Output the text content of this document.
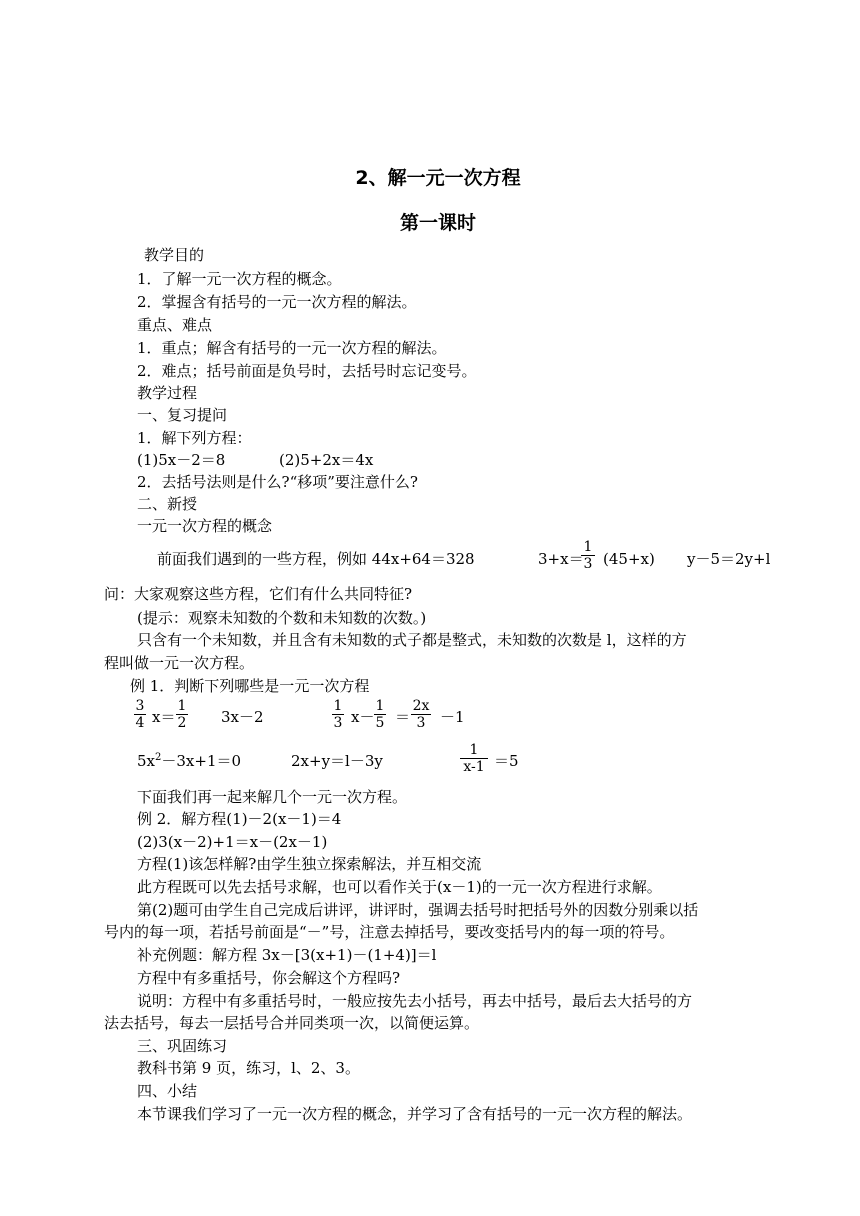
2、解一元一次方程
第一课时
教学目的
1．了解一元一次方程的概念。
2．掌握含有括号的一元一次方程的解法。
重点、难点
1．重点；解含有括号的一元一次方程的解法。
2．难点；括号前面是负号时，去括号时忘记变号。
教学过程
一、复习提问
1．解下列方程：
(1)5x－2＝8	(2)5+2x＝4x
2．去括号法则是什么?“移项”要注意什么?
二、新授
一元一次方程的概念
前面我们遇到的一些方程，例如 44x+64＝328	3+x＝
1
3 (45+x) y－5＝2y+l
问：大家观察这些方程，它们有什么共同特征?
(提示：观察未知数的个数和未知数的次数。)
只含有一个未知数，并且含有未知数的式子都是整式，未知数的次数是 l，这样的方
程叫做一元一次方程。
例 1．判断下列哪些是一元一次方程
3
4 x＝
1
2 3x－2
1
3 x－
1
5 ＝
2x
3 －1
$5x^2-3x+1=0$	2x+y＝l－3y
1
x-1 ＝5
下面我们再一起来解几个一元一次方程。
例 2．解方程(1)－2(x－1)＝4
(2)3(x－2)+1＝x－(2x－1)
方程(1)该怎样解?由学生独立探索解法，并互相交流
此方程既可以先去括号求解，也可以看作关于(x－1)的一元一次方程进行求解。
第(2)题可由学生自己完成后讲评，讲评时，强调去括号时把括号外的因数分别乘以括
号内的每一项，若括号前面是“－”号，注意去掉括号，要改变括号内的每一项的符号。
补充例题：解方程 3x－[3(x+1)－(1+4)]＝l
方程中有多重括号，你会解这个方程吗?
说明：方程中有多重括号时，一般应按先去小括号，再去中括号，最后去大括号的方
法去括号，每去一层括号合并同类项一次，以简便运算。
三、巩固练习
教科书第 9 页，练习，l、2、3。
四、小结
本节课我们学习了一元一次方程的概念，并学习了含有括号的一元一次方程的解法。
